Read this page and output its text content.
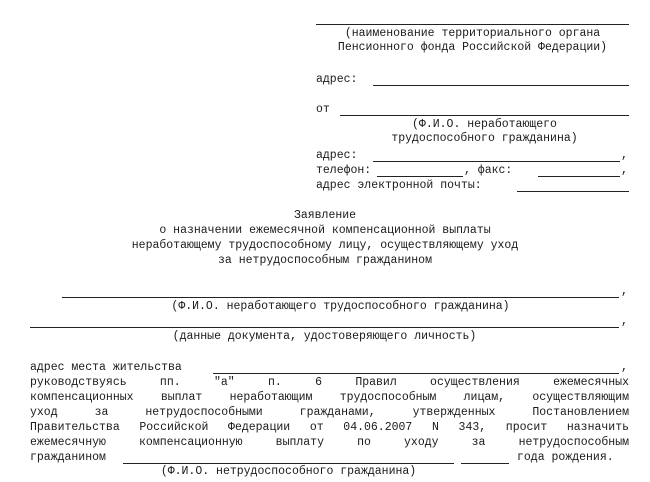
(наименование территориального органа
Пенсионного фонда Российской Федерации)
адрес:
от
(Ф.И.О. неработающего
трудоспособного гражданина)
адрес:	,
телефон:	, факс:	,
адрес электронной почты:
Заявление
о назначении ежемесячной компенсационной выплаты
неработающему трудоспособному лицу, осуществляющему уход
за нетрудоспособным гражданином
,
(Ф.И.О. неработающего трудоспособного гражданина)
,
(данные документа, удостоверяющего личность)
адрес места жительства	,
руководствуясь пп. "а" п. 6 Правил осуществления ежемесячных
компенсационных выплат неработающим трудоспособным лицам, осуществляющим
уход за нетрудоспособными гражданами, утвержденных Постановлением
Правительства Российской Федерации от 04.06.2007 N 343, просит назначить
ежемесячную компенсационную выплату по уходу за нетрудоспособным
гражданином	года рождения.
(Ф.И.О. нетрудоспособного гражданина)
